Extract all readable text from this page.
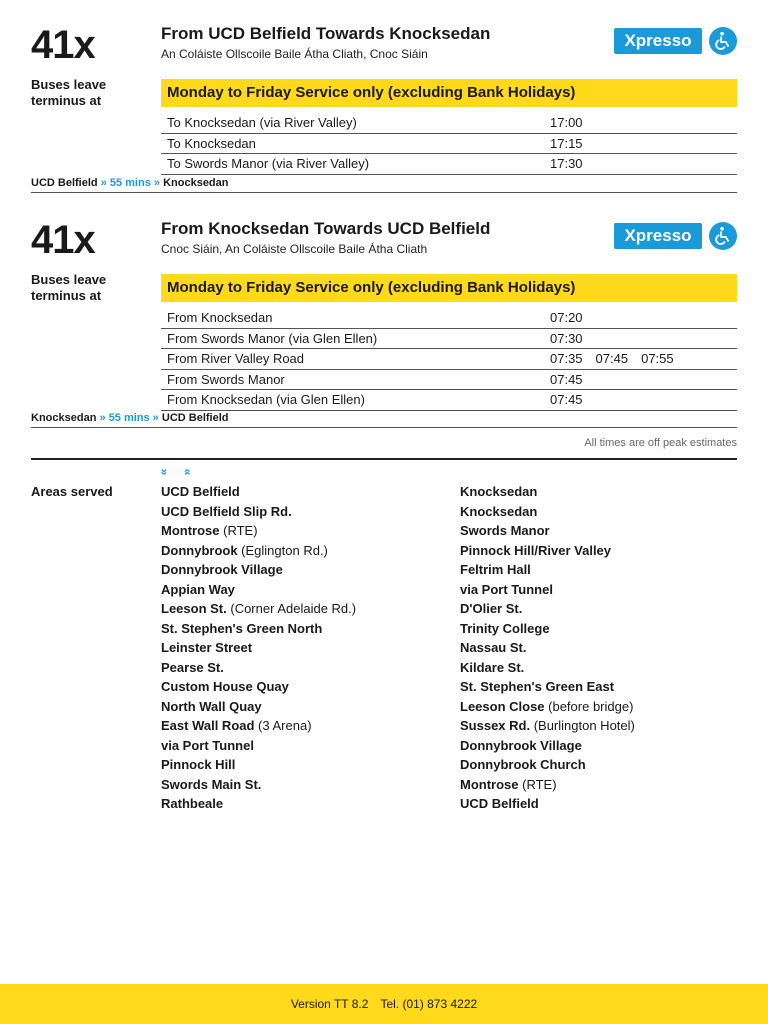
41x	From UCD Belfield Towards Knocksedan
An Coláiste Ollscoile Baile Átha Cliath, Cnoc Siáin
Xpresso
Buses leave terminus at	Monday to Friday Service only (excluding Bank Holidays)
To Knocksedan (via River Valley)	17:00
To Knocksedan	17:15
To Swords Manor (via River Valley)	17:30
UCD Belfield » 55 mins » Knocksedan
41x	From Knocksedan Towards UCD Belfield
Cnoc Siáin, An Coláiste Ollscoile Baile Átha Cliath
Xpresso
Buses leave terminus at	Monday to Friday Service only (excluding Bank Holidays)
From Knocksedan	07:20
From Swords Manor (via Glen Ellen)	07:30
From River Valley Road	07:35 07:45 07:55
From Swords Manor	07:45
From Knocksedan (via Glen Ellen)	07:45
Knocksedan » 55 mins » UCD Belfield
All times are off peak estimates
» »
Areas served	UCD Belfield
UCD Belfield Slip Rd.
Montrose (RTE)
Donnybrook (Eglington Rd.)
Donnybrook Village
Appian Way
Leeson St. (Corner Adelaide Rd.)
St. Stephen's Green North
Leinster Street
Pearse St.
Custom House Quay
North Wall Quay
East Wall Road (3 Arena)
via Port Tunnel
Pinnock Hill
Swords Main St.
Rathbeale
Knocksedan
Knocksedan
Swords Manor
Pinnock Hill/River Valley
Feltrim Hall
via Port Tunnel
D'Olier St.
Trinity College
Nassau St.
Kildare St.
St. Stephen's Green East
Leeson Close (before bridge)
Sussex Rd. (Burlington Hotel)
Donnybrook Village
Donnybrook Church
Montrose (RTE)
UCD Belfield
Version TT 8.2 Tel. (01) 873 4222
